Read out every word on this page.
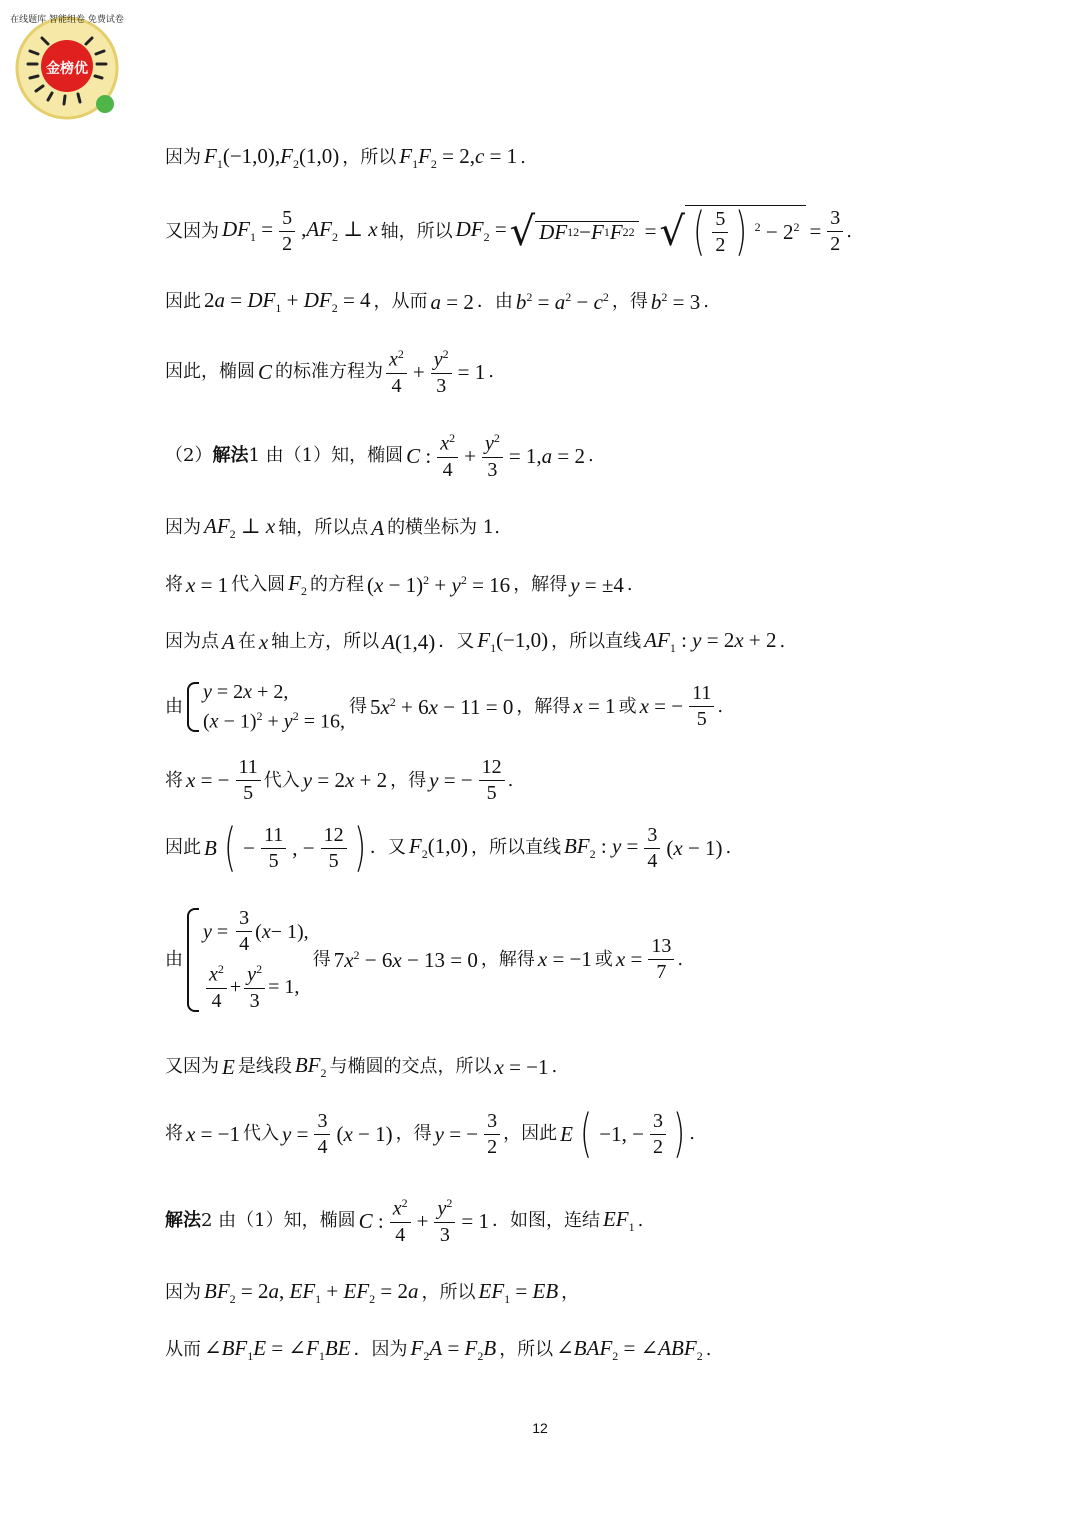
金榜优
在线题库 智能组卷 免费试卷
因为 $F_1(-1,0),F_2(1,0)$ ，所以 $F_1F_2 = 2,c = 1$ .
又因为 $DF_1 = \frac{5}{2} ,AF_2$ ⊥ x 轴，所以 $DF_2$ = √ DF 1 2 − F 1 F 2 2 = √ ( $\frac{5}{2}$ ) $^2 - 2^2 = \frac{3}{2}$ .
因此 $2a = DF_1 + DF_2 = 4$ ，从而 a = 2 ．由 $b^2 = a^2 - c^2$ ，得 $b^2 = 3$ .
因此，椭圆 C 的标准方程为 $\frac{x^2}{4} + \frac{y^2}{3} = 1$ .
（2） 解法 1 由（1）知，椭圆 C : $\frac{x^2}{4} + \frac{y^2}{3} = 1,a = 2$ .
因为 $AF_2$ ⊥ x 轴，所以点 A 的横坐标为 1.
将 x = 1 代入圆 $F_2$ 的方程 $(x - 1)^2 + y^2 = 16$ ，解得 y = ±4 .
因为点 A 在 x 轴上方，所以 A(1,4) ．又 $F_1(-1,0)$ ，所以直线 $AF_1$ : y = 2x + 2 .
由
y = 2x + 2,
$(x - 1)^2 + y^2 = 16$,
得 $5x^2 + 6x - 11 = 0$ ，解得 x = 1 或 x = − $\frac{11}{5}$ .
将 x = − $\frac{11}{5}$ 代入 y = 2x + 2 ，得 y = − $\frac{12}{5}$ .
因此 B ( − $\frac{11}{5}$ , − $\frac{12}{5}$ ) ．又 $F_2(1,0)$ ，所以直线 $BF_2$ : $y = \frac{3}{4} (x - 1)$ .
由
$y = \frac{3}{4}$ ( x − 1),
$\frac{x^2}{4} + \frac{y^2}{3} = 1$,
得 $7x^2 - 6x - 13 = 0$ ，解得 x = −1 或 $x = \frac{13}{7}$ .
又因为 E 是线段 $BF_2$ 与椭圆的交点，所以 x = −1 .
将 x = −1 代入 $y = \frac{3}{4} (x - 1)$ ，得 y = − $\frac{3}{2}$ ，因此 E ( −1, − $\frac{3}{2}$ ) .
解法 2 由（1）知，椭圆 C : $\frac{x^2}{4} + \frac{y^2}{3} = 1$ ．如图，连结 $EF_1$ .
因为 $BF_2 = 2a$, $EF_1 + EF_2 = 2a$ ，所以 $EF_1$ = EB ，
从而 $\angle BF_1E$ = $\angle F_1BE$ ．因为 $F_2A = F_2B$ ，所以 $\angle BAF_2$ = $\angle ABF_2$ .
12
